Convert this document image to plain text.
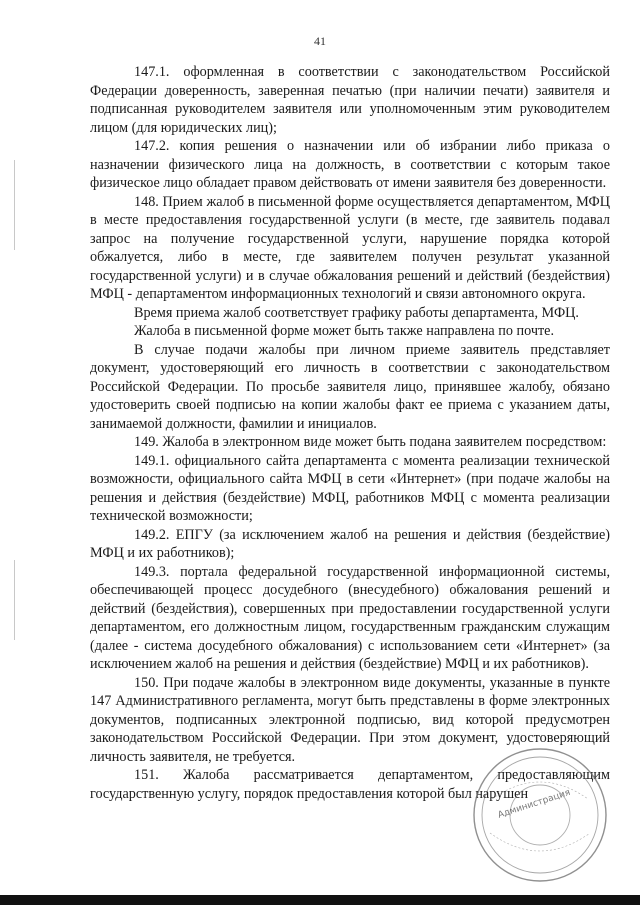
41

147.1. оформленная в соответствии с законодательством Российской Федерации доверенность, заверенная печатью (при наличии печати) заявителя и подписанная руководителем заявителя или уполномоченным этим руководителем лицом (для юридических лиц);

147.2. копия решения о назначении или об избрании либо приказа о назначении физического лица на должность, в соответствии с которым такое физическое лицо обладает правом действовать от имени заявителя без доверенности.

148. Прием жалоб в письменной форме осуществляется департаментом, МФЦ в месте предоставления государственной услуги (в месте, где заявитель подавал запрос на получение государственной услуги, нарушение порядка которой обжалуется, либо в месте, где заявителем получен результат указанной государственной услуги) и в случае обжалования решений и действий (бездействия) МФЦ - департаментом информационных технологий и связи автономного округа.

Время приема жалоб соответствует графику работы департамента, МФЦ.

Жалоба в письменной форме может быть также направлена по почте.

В случае подачи жалобы при личном приеме заявитель представляет документ, удостоверяющий его личность в соответствии с законодательством Российской Федерации. По просьбе заявителя лицо, принявшее жалобу, обязано удостоверить своей подписью на копии жалобы факт ее приема с указанием даты, занимаемой должности, фамилии и инициалов.

149. Жалоба в электронном виде может быть подана заявителем посредством:

149.1. официального сайта департамента с момента реализации технической возможности, официального сайта МФЦ в сети «Интернет» (при подаче жалобы на решения и действия (бездействие) МФЦ, работников МФЦ с момента реализации технической возможности;

149.2. ЕПГУ (за исключением жалоб на решения и действия (бездействие) МФЦ и их работников);

149.3. портала федеральной государственной информационной системы, обеспечивающей процесс досудебного (внесудебного) обжалования решений и действий (бездействия), совершенных при предоставлении государственной услуги департаментом, его должностным лицом, государственным гражданским служащим (далее - система досудебного обжалования) с использованием сети «Интернет» (за исключением жалоб на решения и действия (бездействие) МФЦ и их работников).

150. При подаче жалобы в электронном виде документы, указанные в пункте 147 Административного регламента, могут быть представлены в форме электронных документов, подписанных электронной подписью, вид которой предусмотрен законодательством Российской Федерации. При этом документ, удостоверяющий личность заявителя, не требуется.

151. Жалоба рассматривается департаментом, предоставляющим государственную услугу, порядок предоставления которой был нарушен

Администрация
